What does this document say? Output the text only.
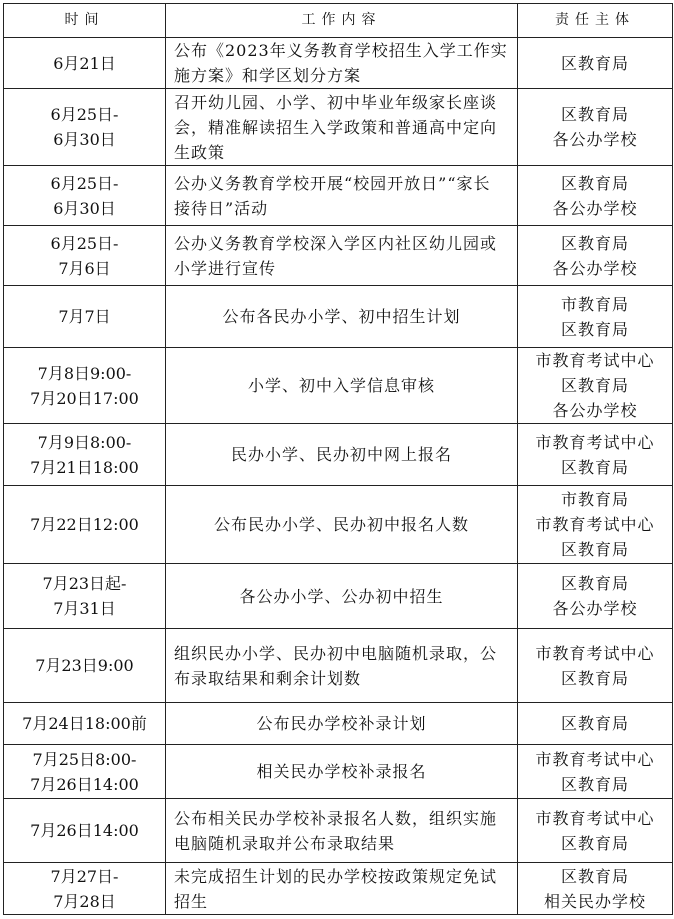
时间	工作内容	责任主体

6月21日	公布《2023年义务教育学校招生入学工作实
施方案》和学区划分方案	区教育局

6月25日-
6月30日	召开幼儿园、小学、初中毕业年级家长座谈
会，精准解读招生入学政策和普通高中定向
生政策	区教育局
各公办学校

6月25日-
6月30日	公办义务教育学校开展“校园开放日”“家长
接待日”活动	区教育局
各公办学校

6月25日-
7月6日	公办义务教育学校深入学区内社区幼儿园或
小学进行宣传	区教育局
各公办学校

7月7日	公布各民办小学、初中招生计划	市教育局
区教育局

7月8日9:00-
7月20日17:00	小学、初中入学信息审核	市教育考试中心
区教育局
各公办学校

7月9日8:00-
7月21日18:00	民办小学、民办初中网上报名	市教育考试中心
区教育局

7月22日12:00	公布民办小学、民办初中报名人数	市教育局
市教育考试中心
区教育局

7月23日起-
7月31日	各公办小学、公办初中招生	区教育局
各公办学校

7月23日9:00	组织民办小学、民办初中电脑随机录取，公
布录取结果和剩余计划数	市教育考试中心
区教育局

7月24日18:00前	公布民办学校补录计划	区教育局

7月25日8:00-
7月26日14:00	相关民办学校补录报名	市教育考试中心
区教育局

7月26日14:00	公布相关民办学校补录报名人数，组织实施
电脑随机录取并公布录取结果	市教育考试中心
区教育局

7月27日-
7月28日	未完成招生计划的民办学校按政策规定免试
招生	区教育局
相关民办学校
